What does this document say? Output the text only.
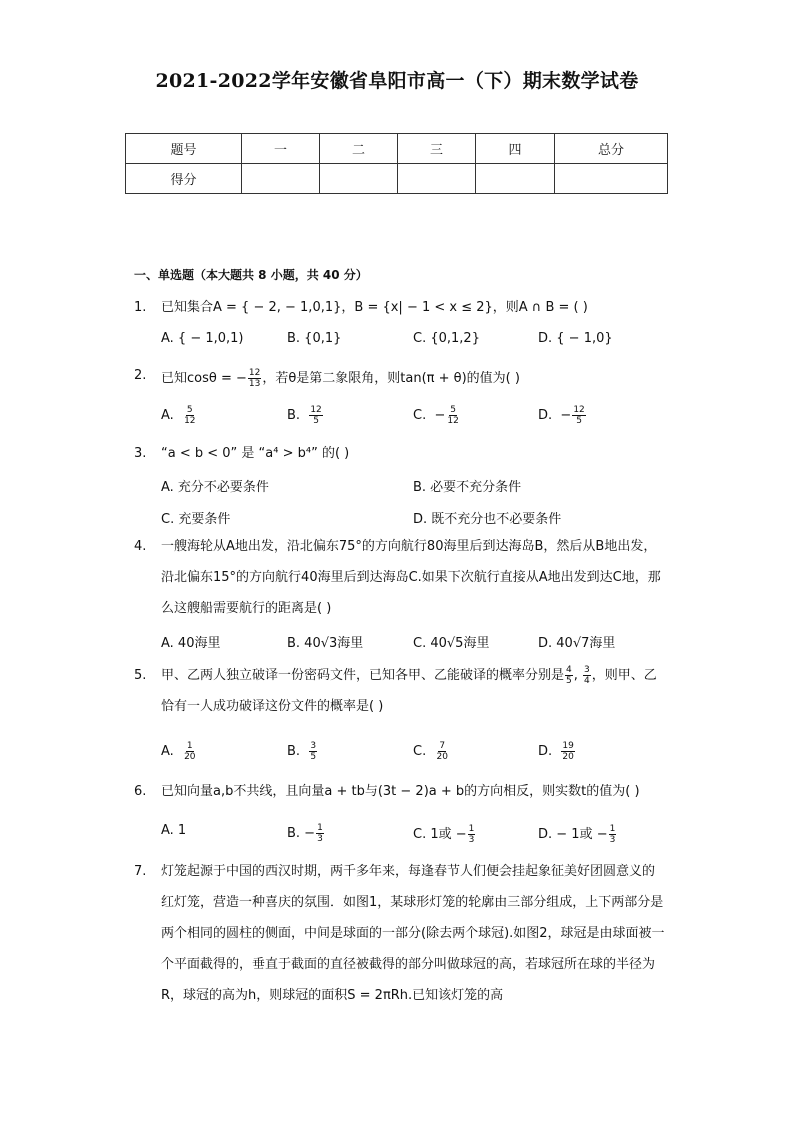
2021-2022学年安徽省阜阳市高一（下）期末数学试卷
题号	一	二	三	四	总分
得分					
一、单选题（本大题共 8 小题，共 40 分）
1.	已知集合A = { − 2, − 1,0,1}，B = {x| − 1 < x ≤ 2}，则A ∩ B = ( )
A. { − 1,0,1)	B. {0,1}	C. {0,1,2}	D. { − 1,0}
2.	已知cosθ = − $\frac{12}{13}$ ，若θ是第二象限角，则tan(π + θ)的值为( )
A. $\frac{5}{12}$	B. $\frac{12}{5}$	C. − $\frac{5}{12}$	D. − $\frac{12}{5}$
3.	“a < b < 0” 是 “a⁴ > b⁴” 的( )
A. 充分不必要条件	B. 必要不充分条件
C. 充要条件	D. 既不充分也不必要条件
4.	一艘海轮从A地出发，沿北偏东75°的方向航行80海里后到达海岛B，然后从B地出发，沿北偏东15°的方向航行40海里后到达海岛C.如果下次航行直接从A地出发到达C地，那么这艘船需要航行的距离是( )
A. 40海里	B. 40√3海里	C. 40√5海里	D. 40√7海里
5.	甲、乙两人独立破译一份密码文件，已知各甲、乙能破译的概率分别是 $\frac{4}{5}$ , $\frac{3}{4}$ ，则甲、乙恰有一人成功破译这份文件的概率是( )
A. $\frac{1}{20}$	B. $\frac{3}{5}$	C. $\frac{7}{20}$	D. $\frac{19}{20}$
6.	已知向量a,b不共线，且向量a + tb与(3t − 2)a + b的方向相反，则实数t的值为( )
A. 1	B. − $\frac{1}{3}$	C. 1或 − $\frac{1}{3}$	D. − 1或 − $\frac{1}{3}$
7.	灯笼起源于中国的西汉时期，两千多年来，每逢春节人们便会挂起象征美好团圆意义的红灯笼，营造一种喜庆的氛围．如图1，某球形灯笼的轮廓由三部分组成，上下两部分是两个相同的圆柱的侧面，中间是球面的一部分(除去两个球冠).如图2，球冠是由球面被一个平面截得的，垂直于截面的直径被截得的部分叫做球冠的高，若球冠所在球的半径为R，球冠的高为h，则球冠的面积S = 2πRh.已知该灯笼的高
